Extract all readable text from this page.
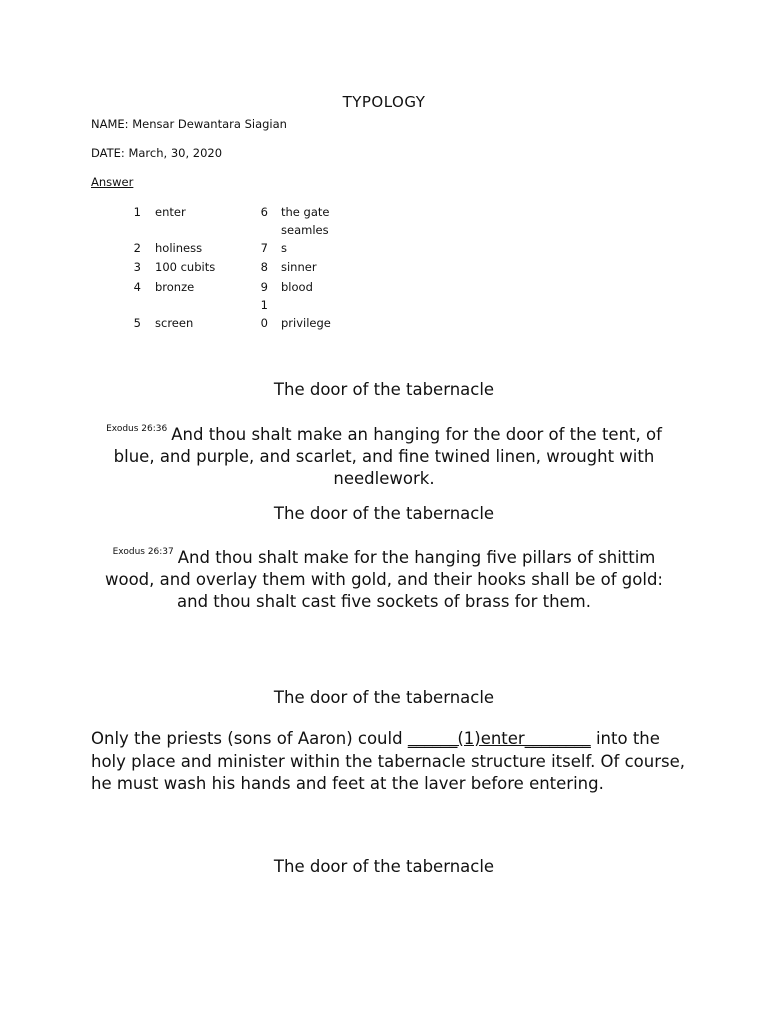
TYPOLOGY
NAME: Mensar Dewantara Siagian
DATE: March, 30, 2020
Answer
1 enter
2 holiness
3 100 cubits
4 bronze
5 screen
6 the gate
seamles
7 s
8 sinner
9 blood
1
0 privilege
The door of the tabernacle
$^{Exodus 26:36}$ And thou shalt make an hanging for the door of the tent, of blue, and purple, and scarlet, and fine twined linen, wrought with needlework.
The door of the tabernacle
$^{Exodus 26:37}$ And thou shalt make for the hanging five pillars of shittim wood, and overlay them with gold, and their hooks shall be of gold: and thou shalt cast five sockets of brass for them.
The door of the tabernacle
Only the priests (sons of Aaron) could ______(1)enter________ into the holy place and minister within the tabernacle structure itself. Of course, he must wash his hands and feet at the laver before entering.
The door of the tabernacle
